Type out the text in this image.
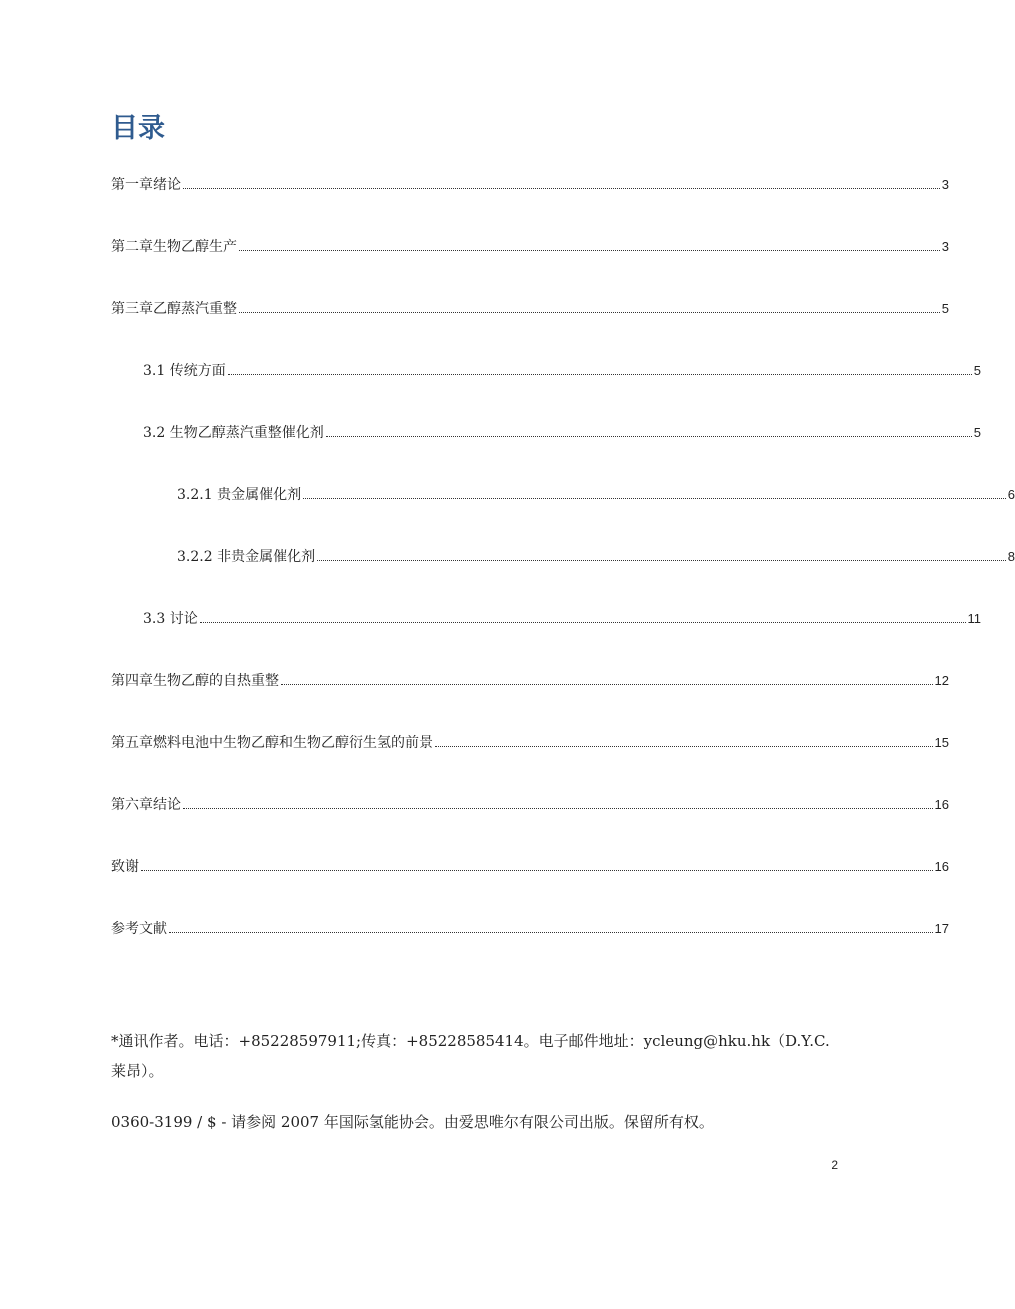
目录
第一章绪论	3
第二章生物乙醇生产	3
第三章乙醇蒸汽重整	5
3.1 传统方面	5
3.2 生物乙醇蒸汽重整催化剂	5
3.2.1 贵金属催化剂	6
3.2.2 非贵金属催化剂	8
3.3 讨论	11
第四章生物乙醇的自热重整	12
第五章燃料电池中生物乙醇和生物乙醇衍生氢的前景	15
第六章结论	16
致谢	16
参考文献	17

*通讯作者。电话：+85228597911;传真：+85228585414。电子邮件地址：ycleung@hku.hk（D.Y.C. 莱昂）。

0360-3199 / $ - 请参阅 2007 年国际氢能协会。由爱思唯尔有限公司出版。保留所有权。

2
